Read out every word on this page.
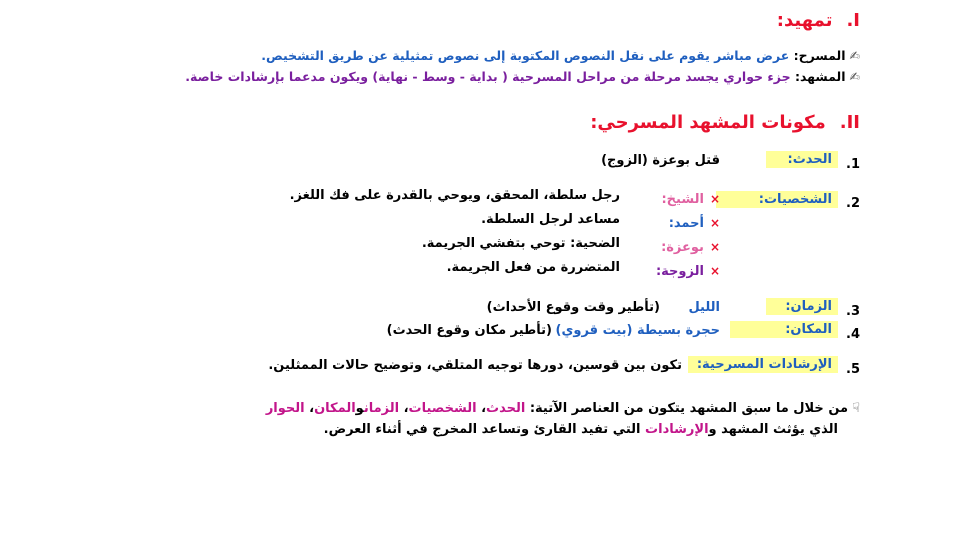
I.تمهيد:
✍المسرح: عرض مباشر يقوم على نقل النصوص المكتوبة إلى نصوص تمثيلية عن طريق التشخيص.
✍المشهد: جزء حواري يجسد مرحلة من مراحل المسرحية ( بداية - وسط - نهاية) ويكون مدعما بإرشادات خاصة.
II.مكونات المشهد المسرحي:
1.
الحدث:
قتل بوعزة (الزوج)
2.
الشخصيات:
×الشيخ:
رجل سلطة، المحقق، ويوحي بالقدرة على فك اللغز.
×أحمد:
مساعد لرجل السلطة.
×بوعزة:
الضحية: توحي بتفشي الجريمة.
×الزوجة:
المتضررة من فعل الجريمة.
3.
الزمان:
الليل
(تأطير وقت وقوع الأحداث)
4.
المكان:
حجرة بسيطة (بيت قروي)
(تأطير مكان وقوع الحدث)
5.
الإرشادات المسرحية:
تكون بين قوسين، دورها توجيه المتلقي، وتوضيح حالات الممثلين.
☟من خلال ما سبق المشهد يتكون من العناصر الآتية: الحدث، الشخصيات، الزمانوالمكان، الحوار
الذي يؤثث المشهد والإرشادات التي تفيد القارئ وتساعد المخرج في أثناء العرض.
